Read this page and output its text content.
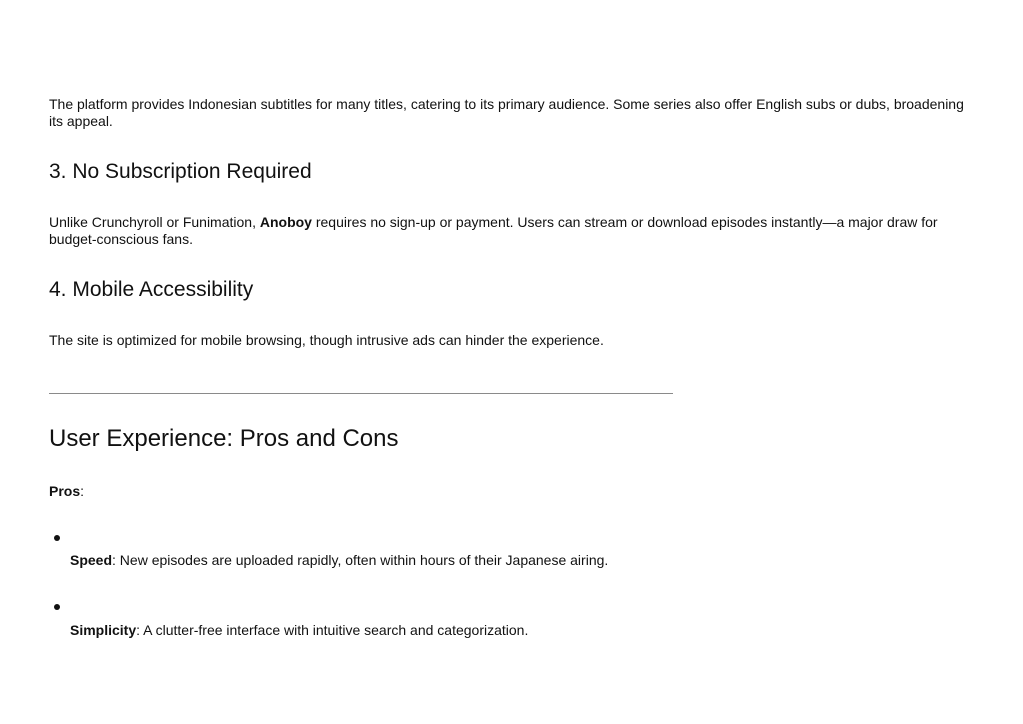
The platform provides Indonesian subtitles for many titles, catering to its primary audience. Some series also offer English subs or dubs, broadening its appeal.

3. No Subscription Required

Unlike Crunchyroll or Funimation, Anoboy requires no sign-up or payment. Users can stream or download episodes instantly—a major draw for budget-conscious fans.

4. Mobile Accessibility

The site is optimized for mobile browsing, though intrusive ads can hinder the experience.

User Experience: Pros and Cons

Pros:

Speed: New episodes are uploaded rapidly, often within hours of their Japanese airing.

Simplicity: A clutter-free interface with intuitive search and categorization.
